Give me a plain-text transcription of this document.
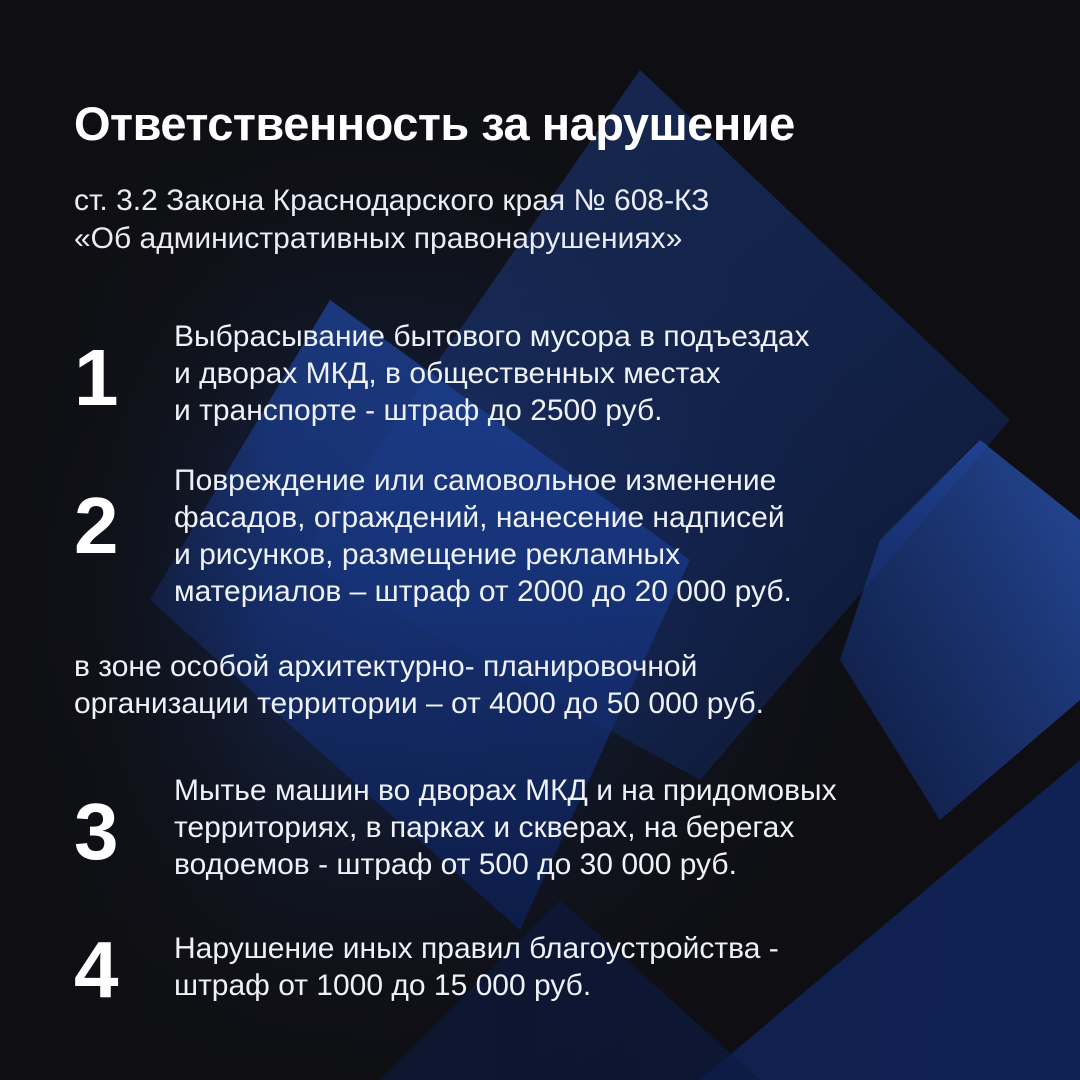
Ответственность за нарушение
ст. 3.2 Закона Краснодарского края № 608-КЗ
«Об административных правонарушениях»
1	Выбрасывание бытового мусора в подъездах
и дворах МКД, в общественных местах
и транспорте - штраф до 2500 руб.
2
Повреждение или самовольное изменение
фасадов, ограждений, нанесение надписей
и рисунков, размещение рекламных
материалов – штраф от 2000 до 20 000 руб.
в зоне особой архитектурно- планировочной
организации территории – от 4000 до 50 000 руб.
3	Мытье машин во дворах МКД и на придомовых
территориях, в парках и скверах, на берегах
водоемов - штраф от 500 до 30 000 руб.
4	Нарушение иных правил благоустройства -
штраф от 1000 до 15 000 руб.
